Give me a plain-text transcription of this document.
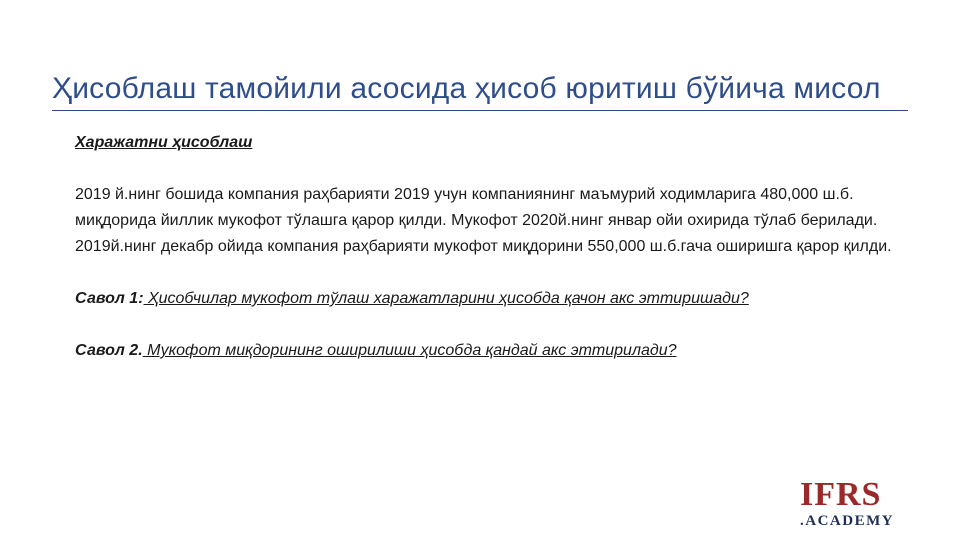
Ҳисоблаш тамойили асосида ҳисоб юритиш бўйича мисол
Харажатни ҳисоблаш
2019 й.нинг бошида компания раҳбарияти 2019 учун компаниянинг маъмурий ходимларига 480,000 ш.б. миқдорида йиллик мукофот тўлашга қарор қилди. Мукофот 2020й.нинг январ ойи охирида тўлаб берилади. 2019й.нинг декабр ойида компания раҳбарияти мукофот миқдорини 550,000 ш.б.гача оширишга қарор қилди.
Савол 1: Ҳисобчилар мукофот тўлаш харажатларини ҳисобда қачон акс эттиришади?
Савол 2. Мукофот миқдорининг оширилиши ҳисобда қандай акс эттирилади?
IFRS
.ACADEMY
